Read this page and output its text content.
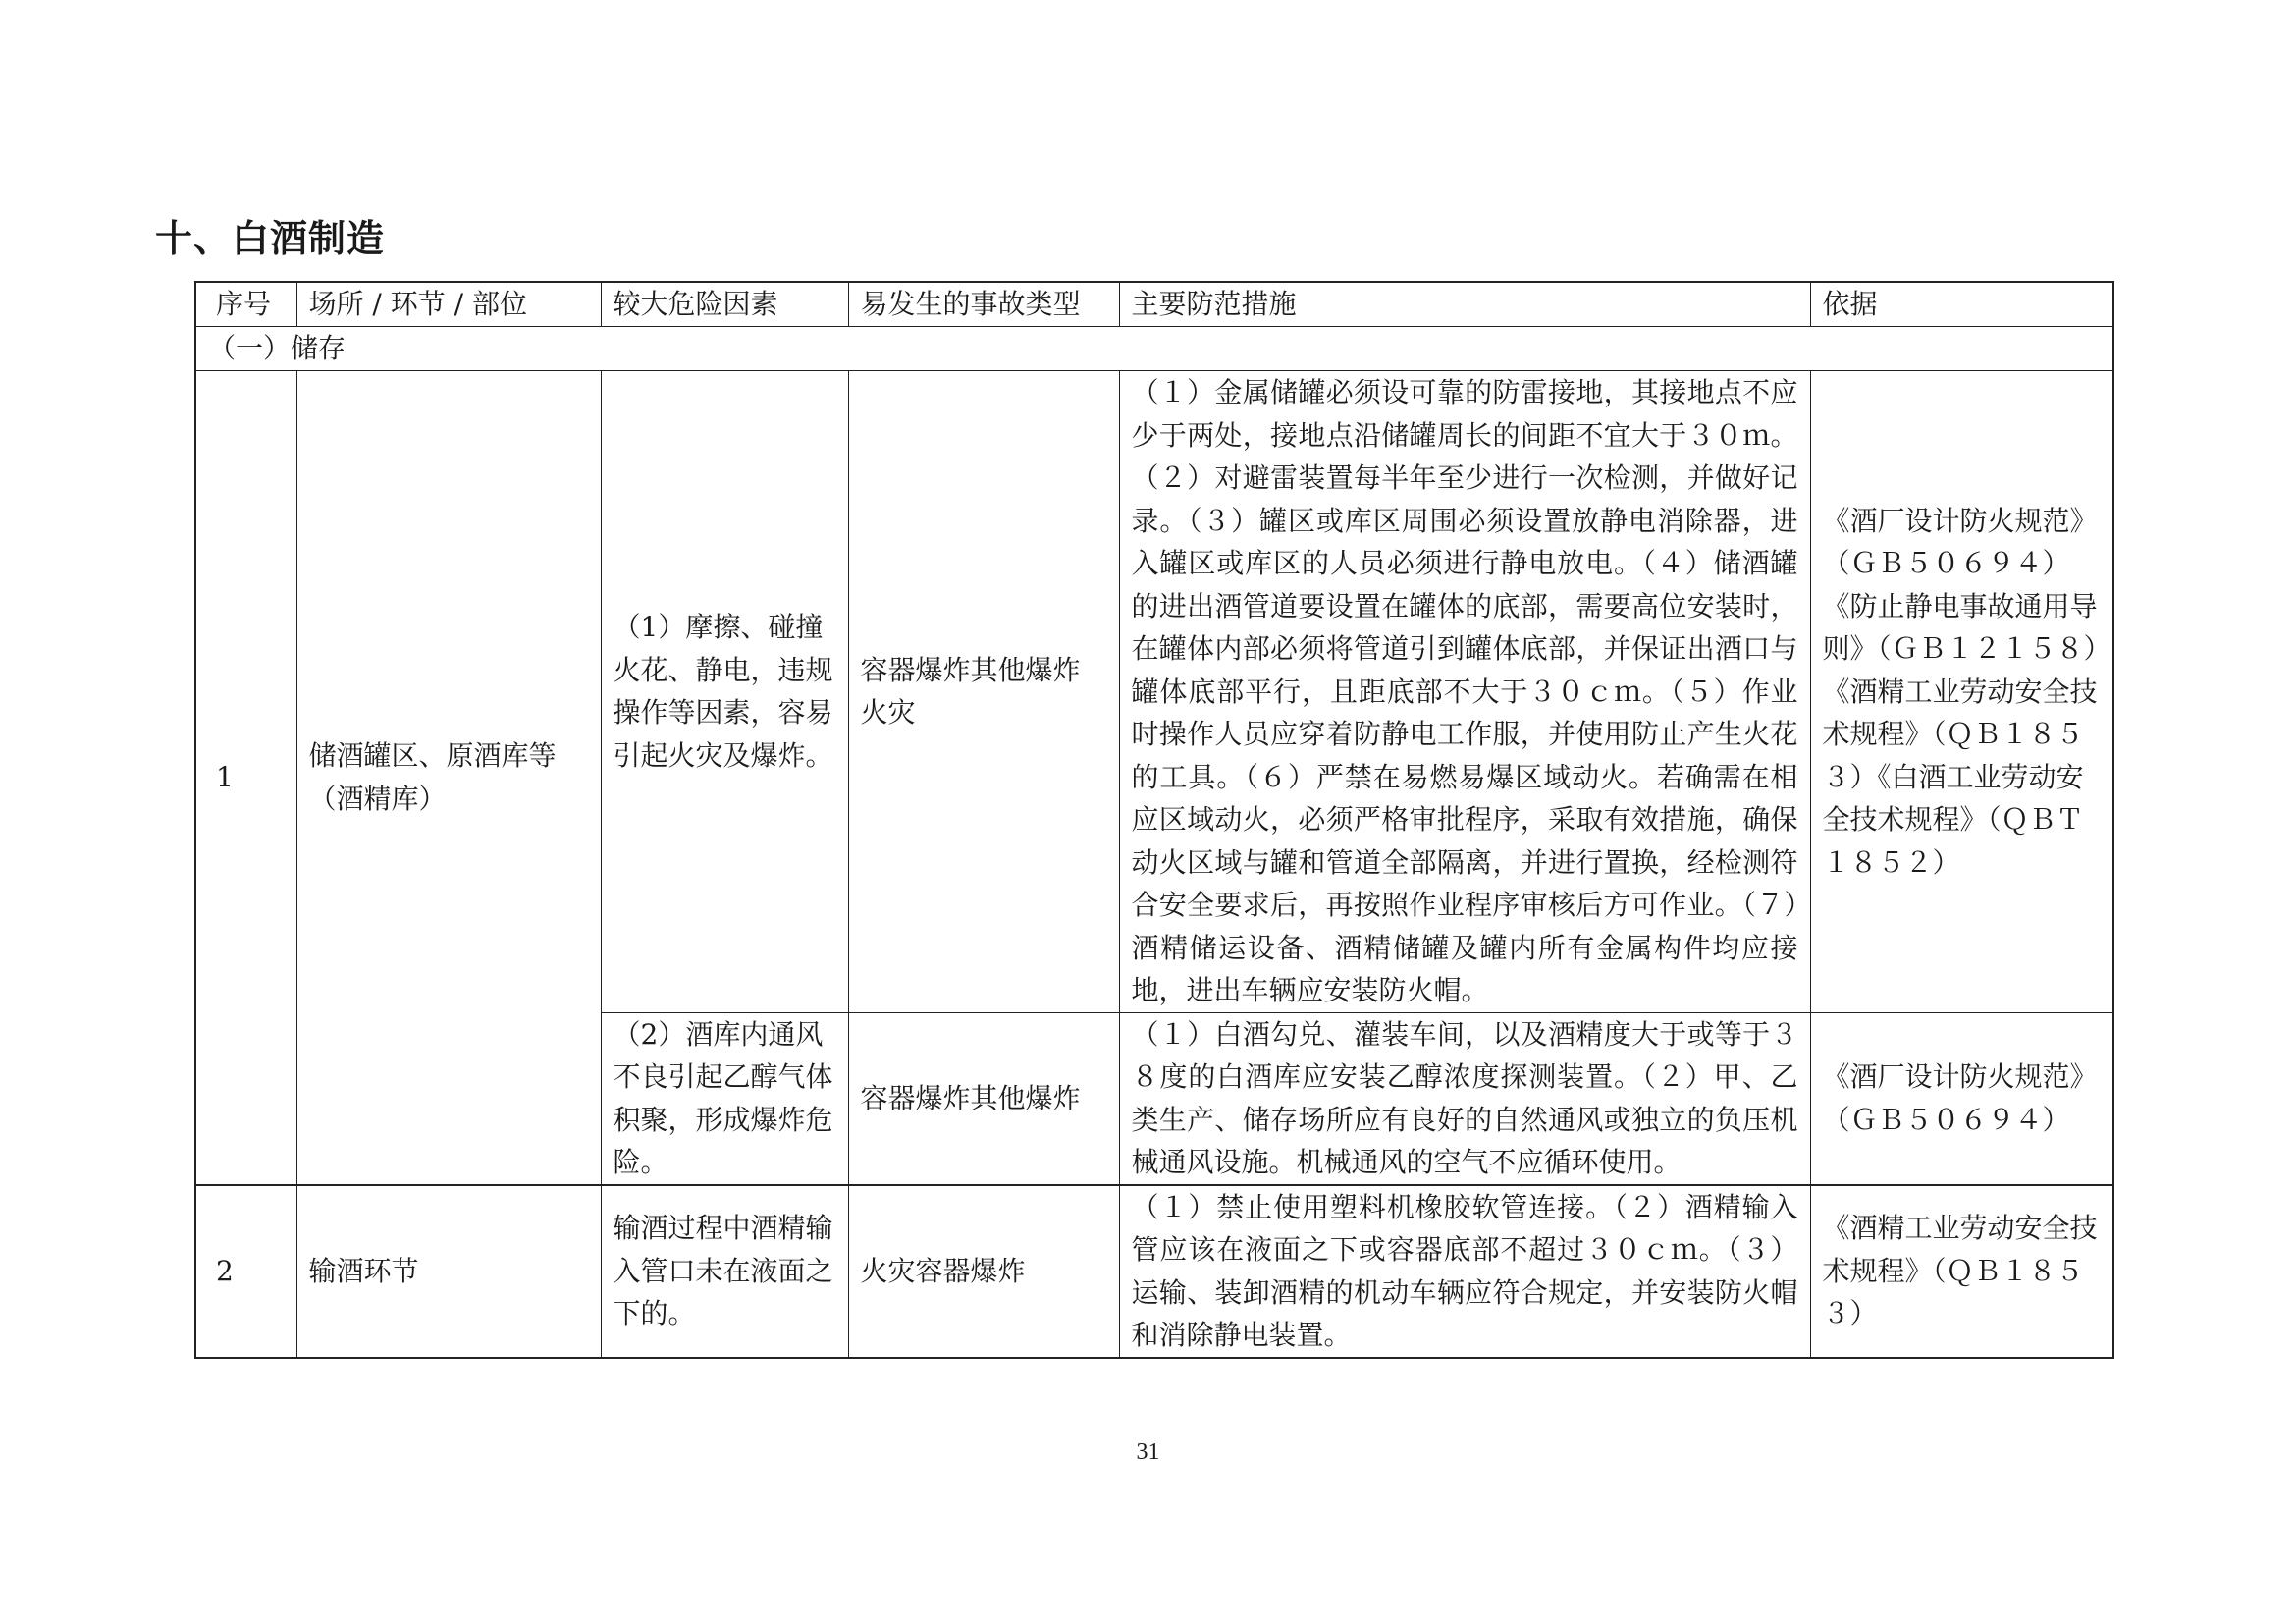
十、白酒制造
序号	场所 / 环节 / 部位	较大危险因素	易发生的事故类型	主要防范措施	依据
（一）储存					
1	储酒罐区、原酒库等（酒精库）	（1）摩擦、碰撞火花、静电，违规操作等因素，容易引起火灾及爆炸。	容器爆炸其他爆炸火灾	（１）金属储罐必须设可靠的防雷接地，其接地点不应少于两处，接地点沿储罐周长的间距不宜大于３０ｍ。（２）对避雷装置每半年至少进行一次检测，并做好记录。（３）罐区或库区周围必须设置放静电消除器，进入罐区或库区的人员必须进行静电放电。（４）储酒罐的进出酒管道要设置在罐体的底部，需要高位安装时，在罐体内部必须将管道引到罐体底部，并保证出酒口与罐体底部平行，且距底部不大于３０ｃｍ。（５）作业时操作人员应穿着防静电工作服，并使用防止产生火花的工具。（６）严禁在易燃易爆区域动火。若确需在相应区域动火，必须严格审批程序，采取有效措施，确保动火区域与罐和管道全部隔离，并进行置换，经检测符合安全要求后，再按照作业程序审核后方可作业。（７）酒精储运设备、酒精储罐及罐内所有金属构件均应接地，进出车辆应安装防火帽。	《酒厂设计防火规范》（ＧＢ５０６９４）《防止静电事故通用导则》（ＧＢ１２１５８）《酒精工业劳动安全技术规程》（ＱＢ１８５３）《白酒工业劳动安全技术规程》（ＱＢＴ１８５２）
		（2）酒库内通风不良引起乙醇气体积聚，形成爆炸危险。	容器爆炸其他爆炸	（１）白酒勾兑、灌装车间，以及酒精度大于或等于３８度的白酒库应安装乙醇浓度探测装置。（２）甲、乙类生产、储存场所应有良好的自然通风或独立的负压机械通风设施。机械通风的空气不应循环使用。	《酒厂设计防火规范》（ＧＢ５０６９４）
2	输酒环节	输酒过程中酒精输入管口未在液面之下的。	火灾容器爆炸	（１）禁止使用塑料机橡胶软管连接。（２）酒精输入管应该在液面之下或容器底部不超过３０ｃｍ。（３）运输、装卸酒精的机动车辆应符合规定，并安装防火帽和消除静电装置。	《酒精工业劳动安全技术规程》（ＱＢ１８５３）

31
